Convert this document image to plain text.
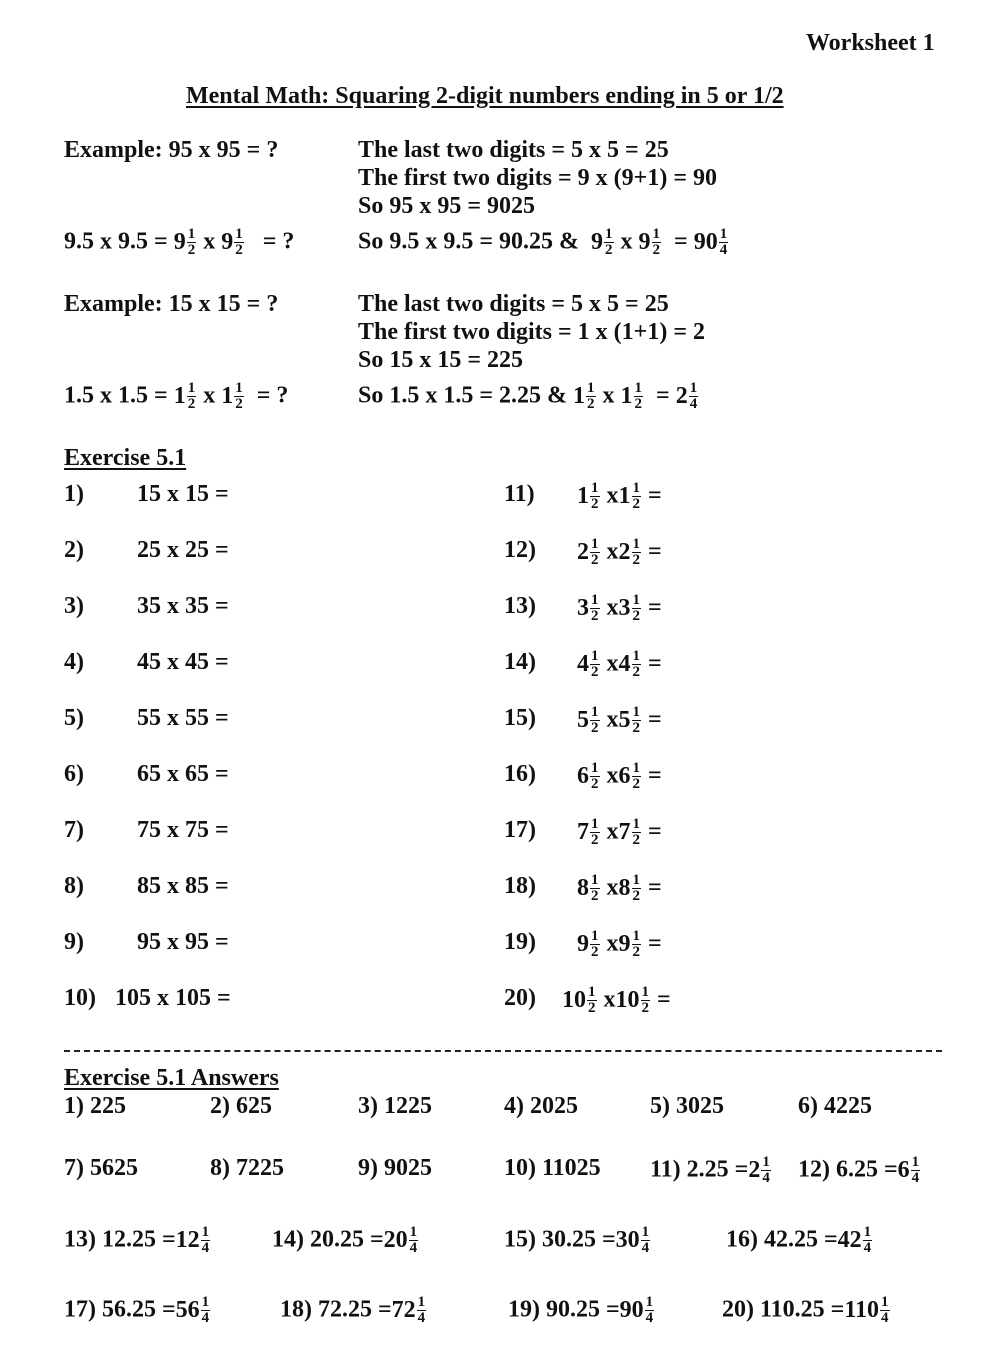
Worksheet 1
Mental Math: Squaring 2-digit numbers ending in 5 or 1/2
Example: 95 x 95 = ?	The last two digits = 5 x 5 = 25
The first two digits = 9 x (9+1) = 90
So 95 x 95 = 9025
9.5 x $9.5 = 9 \frac{1}{2}$ x $9 \frac{1}{2}$ = ?	So 9.5 x 9.5 = 90.25 & $9 \frac{1}{2}$ x $9 \frac{1}{2} = 90 \frac{1}{4}$
Example: 15 x 15 = ?	The last two digits = 5 x 5 = 25
The first two digits = 1 x (1+1) = 2
So 15 x 15 = 225
1.5 x $1.5 = 1 \frac{1}{2}$ x $1 \frac{1}{2}$ = ?	So 1.5 x 1.5 = 2.25 & $1 \frac{1}{2}$ x $1 \frac{1}{2} = 2 \frac{1}{4}$
Exercise 5.1
1) 15 x 15 =
2) 25 x 25 =
3) 35 x 35 =
4) 45 x 45 =
5) 55 x 55 =
6) 65 x 65 =
7) 75 x 75 =
8) 85 x 85 =
9) 95 x 95 =
10) 105 x 105 =
11) $1 \frac{1}{2}$ x $1 \frac{1}{2}$ =
12) $2 \frac{1}{2}$ x $2 \frac{1}{2}$ =
13) $3 \frac{1}{2}$ x $3 \frac{1}{2}$ =
14) $4 \frac{1}{2}$ x $4 \frac{1}{2}$ =
15) $5 \frac{1}{2}$ x $5 \frac{1}{2}$ =
16) $6 \frac{1}{2}$ x $6 \frac{1}{2}$ =
17) $7 \frac{1}{2}$ x $7 \frac{1}{2}$ =
18) $8 \frac{1}{2}$ x $8 \frac{1}{2}$ =
19) $9 \frac{1}{2}$ x $9 \frac{1}{2}$ =
20) $10 \frac{1}{2}$ x $10 \frac{1}{2}$ =
Exercise 5.1 Answers
1) 225	2) 625	3) 1225	4) 2025	5) 3025	6) 4225
7) 5625	8) 7225	9) 9025	10) 11025 11) $2.25 = 2 \frac{1}{4} 12$) $6.25 = 6 \frac{1}{4}$
13) $12.25 = 12 \frac{1}{4}$	14) $20.25 = 20 \frac{1}{4}$	15) $30.25 = 30 \frac{1}{4}$	16) $42.25 = 42 \frac{1}{4}$
17) $56.25 = 56 \frac{1}{4}$	18) $72.25 = 72 \frac{1}{4}$	19) $90.25 = 90 \frac{1}{4}$	20) $110.25 = 110 \frac{1}{4}$
